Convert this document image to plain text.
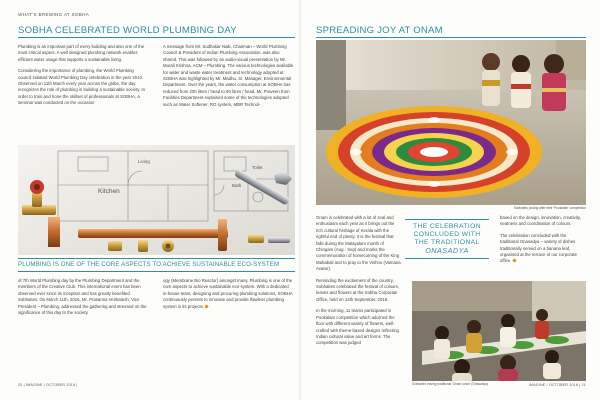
WHAT'S BREWING AT SOBHA
SOBHA CELEBRATED WORLD PLUMBING DAY

Plumbing is an important part of every building and also one of the most critical aspect. A well designed plumbing network enables efficient water usage that supports a sustainable living.

Considering the importance of plumbing, the World Plumbing council initiated World Plumbing Day celebration in the year 2010. Observed on 11th March every year across the globe, the day recognizes the role of plumbing in building a sustainable society. In order to train and hone the skillset of professionals at SOBHA, a seminar was conducted on the occasion

A message from Mr. Sudhakar Naik, Chairman – World Plumbing Council & President of Indian Plumbing Association, was also shared. This was followed by an audio-visual presentation by Mr. Murali Krishna, AGM – Plumbing. The various technologies available for water and waste water treatment and technology adopted at SOBHA was highlighted by Mr. Madhu, Sr. Manager, Environmental Department. Over the years, the water consumption at SOBHA has reduced from 200 litres / head to 90 litres / head. Mr. Praveen from Facilities Department explained some of the technologies adopted such as Water Softener, RO system, MBR Technol-

Kitchen
Living
Bath
Toilet
PLUMBING IS ONE OF THE CORE ASPECTS TO ACHIEVE SUSTAINABLE ECO-SYSTEM

of 7th World Plumbing day by the Plumbing Department and the members of the Creative Club. This international event has been observed ever since its inception and has greatly benefited Sobhaites. On March 11th, 2016, Mr. Prasanna Venkatesh, Vice President – Plumbing, addressed the gathering and stressed on the significance of this day to the society.

ogy (Membrane Bio Reactor) amongst many. Plumbing is one of the core aspects to achieve sustainable eco-system. With a dedicated in-house team, designing and procuring plumbing solutions, SOBHA continuously persists to innovate and provide flawless plumbing system in its projects.

20 | IMAGINE / OCTOBER 2016 |
SPREADING JOY AT ONAM
Sobhaites posing after their 'Pookalam' competition

Onam is celebrated with a lot of zeal and enthusiasm each year as it brings out the rich cultural heritage of Kerala with the rightful end of plenty. It is the festival that falls during the Malayalam month of Chingam (Aug - Sep) and marks the commemoration of homecoming of the King Mahabali and to pray to the Vishnu (Vamana Avatar).

Reminding the excitement of the country, Sobhaites celebrated the festival of colours, leaves and flowers at the Sobha Corporate Office, held on 14th September, 2016.

In the morning, 11 teams participated in Pookalam competition which adorned the floor with different variety of flowers, well-crafted with theme-based designs reflecting Indian cultural value and art forms. The competition was judged

THE CELEBRATION
CONCLUDED WITH
THE TRADITIONAL
ONASADYA

based on the design, innovation, creativity, neatness and coordination of colours.

The celebration concluded with the traditional Onasadya – variety of dishes traditionally served on a banana leaf, organised at the terrace of our corporate office.

Sobhaites having traditional 'Onam lunch' (Onasadya)	IMAGINE / OCTOBER 2016 | 21
